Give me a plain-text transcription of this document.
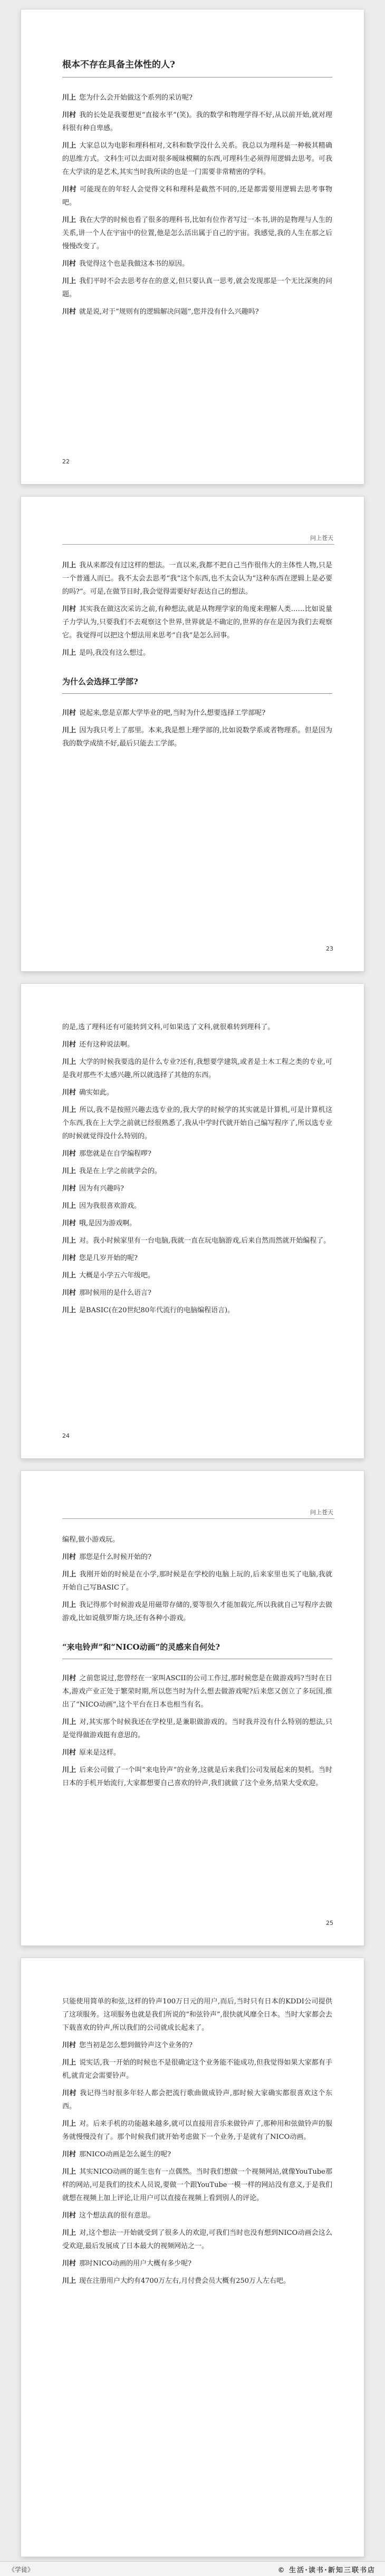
根本不存在具备主体性的人?

川上 您为什么会开始做这个系列的采访呢?

川村 我的长处是我要想更“直接水平”(笑)。我的数学和物理学得不好,从以前开始,就对理科很有种自卑感。

川上 大家总以为电影和理科相对,文科和数学没什么关系。我总以为理科是一种极其精确的思维方式。文科生可以去面对很多暧昧模糊的东西,可理科生必须得用逻辑去思考。可我在大学读的是艺术,其实当时我所读的也是一门需要非常精密的学科。

川村 可能现在的年轻人会觉得文科和理科是截然不同的,还是都需要用逻辑去思考事物吧。

川上 我在大学的时候也看了很多的理科书,比如有位作者写过一本书,讲的是物理与人生的关系,讲一个人在宇宙中的位置,他是怎么活出属于自己的宇宙。我感觉,我的人生在那之后慢慢改变了。

川村 我觉得这个也是我做这本书的原因。

川上 我们平时不会去思考存在的意义,但只要认真一思考,就会发现那是一个无比深奥的问题。

川村 就是说,对于“规则有的逻辑解决问题”,您并没有什么兴趣吗?

22
问上苍天

川上 我从来都没有过这样的想法。一直以来,我都不把自己当作很伟大的主体性人物,只是一个普通人而已。我不太会去思考“我”这个东西,也不太会认为“这种东西在逻辑上是必要的吗?”。可是,在做节目时,我会觉得需要好好表达自己的想法。

川村 其实我在做这次采访之前,有种想法,就是从物理学家的角度来理解人类……比如说量子力学认为,只要我们不去观察这个世界,世界就是不确定的,世界的存在是因为我们去观察它。我觉得可以把这个想法用来思考“自我”是怎么回事。

川上 是吗,我没有这么想过。

为什么会选择工学部?

川村 说起来,您是京都大学毕业的吧,当时为什么想要选择工学部呢?

川上 因为我只考上了那里。本来,我是想上理学部的,比如说数学系或者物理系。但是因为我的数学成绩不好,最后只能去工学部。

23

的是,选了理科还有可能转到文科,可如果选了文科,就很难转到理科了。

川村 还有这种说法啊。

川上 大学的时候我要选的是什么专业?还有,我想要学建筑,或者是土木工程之类的专业,可是我对那些不太感兴趣,所以就选择了其他的东西。

川村 确实如此。

川上 所以,我不是按照兴趣去选专业的,我大学的时候学的其实就是计算机,可是计算机这个东西,我在上大学之前就已经很熟悉了,我从中学时代就开始自己编写程序了,所以选专业的时候就觉得没什么特别的。

川村 那您就是在自学编程啰?

川上 我是在上学之前就学会的。

川村 因为有兴趣吗?

川上 因为我很喜欢游戏。

川村 哦,是因为游戏啊。

川上 对。我小时候家里有一台电脑,我就一直在玩电脑游戏,后来自然而然就开始编程了。

川村 您是几岁开始的呢?

川上 大概是小学五六年级吧。

川村 那时候用的是什么语言?

川上 是BASIC(在20世纪80年代流行的电脑编程语言)。

24
问上苍天

编程,做小游戏玩。

川村 那您是什么时候开始的?

川上 我刚开始的时候是在小学,那时候是在学校的电脑上玩的,后来家里也买了电脑,我就开始自己写BASIC了。

川上 我记得那个时候游戏是用磁带存储的,要等很久才能加载完,所以我就自己写程序去做游戏,比如说俄罗斯方块,还有各种小游戏。

“来电铃声”和“NICO动画”的灵感来自何处?

川村 之前您说过,您曾经在一家叫ASCII的公司工作过,那时候您是在做游戏吗?当时在日本,游戏产业正处于繁荣时期,所以您当时为什么想去做游戏呢?后来您又创立了多玩国,推出了“NICO动画”,这个平台在日本也相当有名。

川上 对,其实那个时候我还在学校里,是兼职做游戏的。当时我并没有什么特别的想法,只是觉得做游戏挺有意思的。

川村 原来是这样。

川上 后来公司做了一个叫“来电铃声”的业务,这就是后来我们公司发展起来的契机。当时日本的手机开始流行,大家都想要自己喜欢的铃声,我们就做了这个业务,结果大受欢迎。

25

只能使用简单的和弦,这样的铃声100万日元的用户,而后,当时只有日本的KDDI公司提供了这项服务。这项服务也就是我们所说的“和弦铃声”,很快就风靡全日本。当时大家都会去下载喜欢的铃声,所以我们的公司就成长起来了。

川村 您当初是怎么想到做铃声这个业务的?

川上 说实话,我一开始的时候也不是很确定这个业务能不能成功,但我觉得如果大家都有手机,就肯定会需要铃声。

川村 我记得当时很多年轻人都会把流行歌曲做成铃声,那时候大家确实都很喜欢这个东西。

川上 对。后来手机的功能越来越多,就可以直接用音乐来做铃声了,那种用和弦做铃声的服务就慢慢没有了。那个时候我们就开始考虑做下一个业务,于是就有了NICO动画。

川村 那NICO动画是怎么诞生的呢?

川上 其实NICO动画的诞生也有一点偶然。当时我们想做一个视频网站,就像YouTube那样的网站,可是我们的技术人员说,要做一个跟YouTube一模一样的网站没有意义,于是我们就想在视频上加上评论,让用户可以直接在视频上看到别人的评论。

川村 这个想法真的很有意思。

川上 对,这个想法一开始就受到了很多人的欢迎,可我们当时也没有想到NICO动画会这么受欢迎,最后发展成了日本最大的视频网站之一。

川村 那时NICO动画的用户大概有多少呢?

川上 现在注册用户大约有4700万左右,月付费会员大概有250万人左右吧。

《学徒》	© 生活·读书·新知三联书店
